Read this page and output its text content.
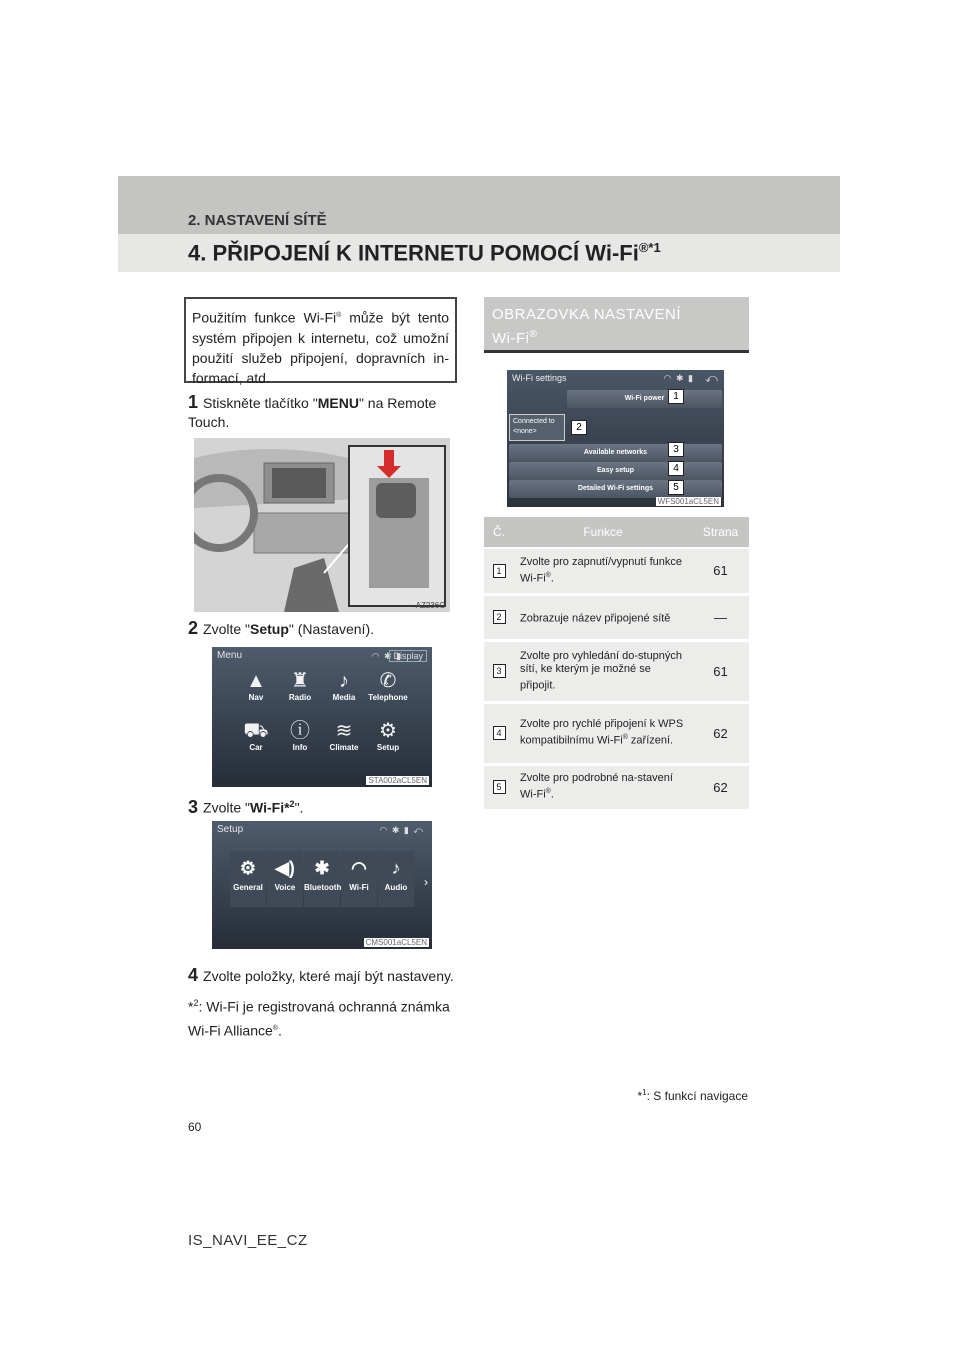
2. NASTAVENÍ SÍTĚ
4. PŘIPOJENÍ K INTERNETU POMOCÍ $Wi-Fi^{®*1}$
Použitím funkce Wi-Fi® může být tento systém připojen k internetu, což umožní použití služeb připojení, dopravních in-formací, atd.
1 Stiskněte tlačítko "MENU" na Remote Touch.
AZ236C
2 Zvolte "Setup" (Nastavení).
Menu	◠ ✱ ▮
Display
▲
Nav
♜
Radio
♪
Media
✆
Telephone
⛟
Car
ⓘ
Info
≋
Climate
⚙
Setup
STA002aCL5EN
3 Zvolte "Wi-Fi*$^2$".
Setup	◠ ✱ ▮ ⤺
⚙
General
◀)
Voice
✱
Bluetooth
◠
Wi-Fi
♪
Audio	›
CMS001aCL5EN
4 Zvolte položky, které mají být nastaveny.
*$^2$: Wi-Fi je registrovaná ochranná známka Wi-Fi Alliance®.
OBRAZOVKA NASTAVENÍ
Wi-Fi®
Wi-Fi settings	◠ ✱ ▮ ⤺
Wi-Fi power
Connected to
<none>
Available networks
Easy setup
Detailed Wi-Fi settings
1
2
3
4
5
WFS001aCL5EN
Č.	Funkce	Strana
1	Zvolte pro zapnutí/vypnutí funkce Wi-Fi®.	61
2	Zobrazuje název připojené sítě	—
3	Zvolte pro vyhledání do-stupných sítí, ke kterým je možné se připojit.	61
4	Zvolte pro rychlé připojení k WPS kompatibilnímu Wi-Fi® zařízení.	62
5	Zvolte pro podrobné na-stavení Wi-Fi®.	62
*$^1$: S funkcí navigace
60
IS_NAVI_EE_CZ
